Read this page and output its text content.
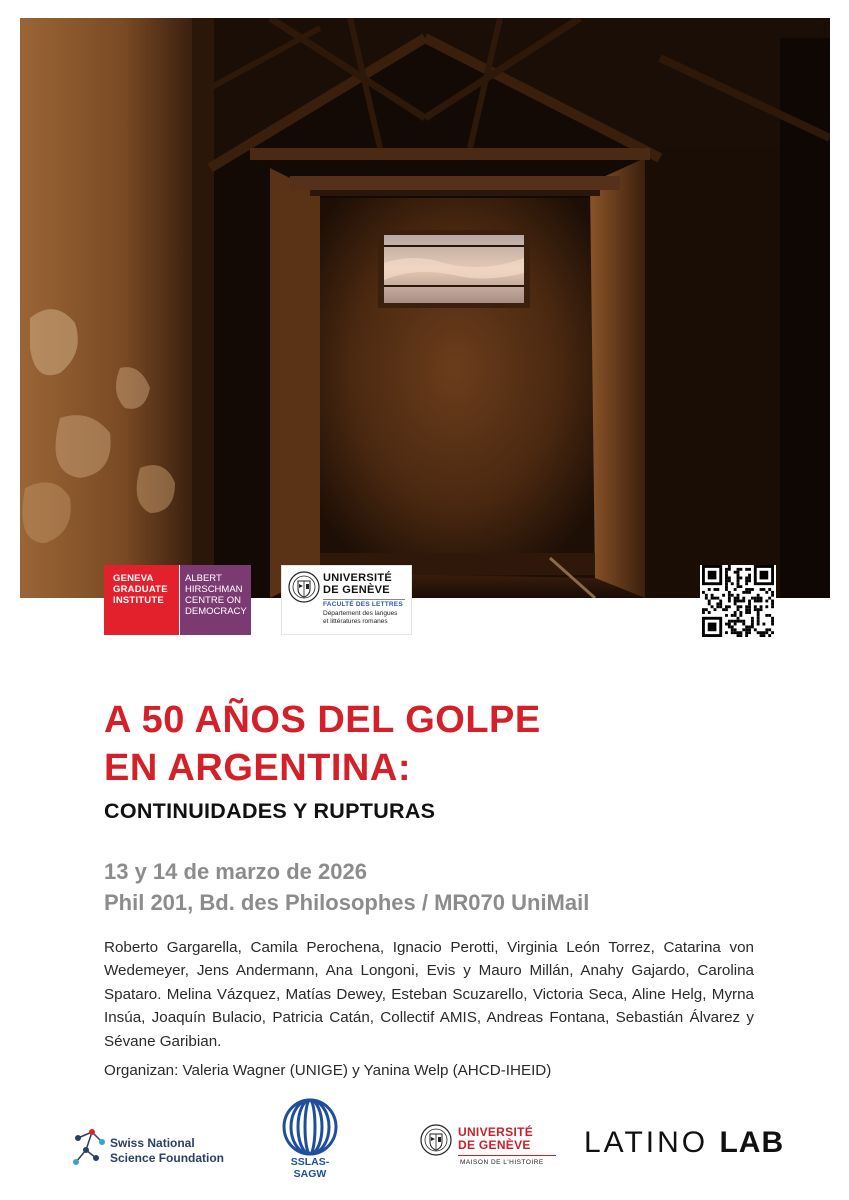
GENEVA
GRADUATE
INSTITUTE
ALBERT
HIRSCHMAN
CENTRE ON
DEMOCRACY
UNIVERSITÉ
DE GENÈVE
FACULTÉ DES LETTRES
Département des langues
et littératures romanes
A 50 AÑOS DEL GOLPE
EN ARGENTINA:
CONTINUIDADES Y RUPTURAS

13 y 14 de marzo de 2026

Phil 201, Bd. des Philosophes / MR070 UniMail

Roberto Gargarella, Camila Perochena, Ignacio Perotti, Virginia León Torrez, Catarina von Wedemeyer, Jens Andermann, Ana Longoni, Evis y Mauro Millán, Anahy Gajardo, Carolina Spataro. Melina Vázquez, Matías Dewey, Esteban Scuzarello, Victoria Seca, Aline Helg, Myrna Insúa, Joaquín Bulacio, Patricia Catán, Collectif AMIS, Andreas Fontana, Sebastián Álvarez y Sévane Garibian.

Organizan: Valeria Wagner (UNIGE) y Yanina Welp (AHCD-IHEID)

Swiss National
Science Foundation	SSLAS-SAGW
UNIVERSITÉ
DE GENÈVE
MAISON DE L'HISTOIRE
LATINO LAB
